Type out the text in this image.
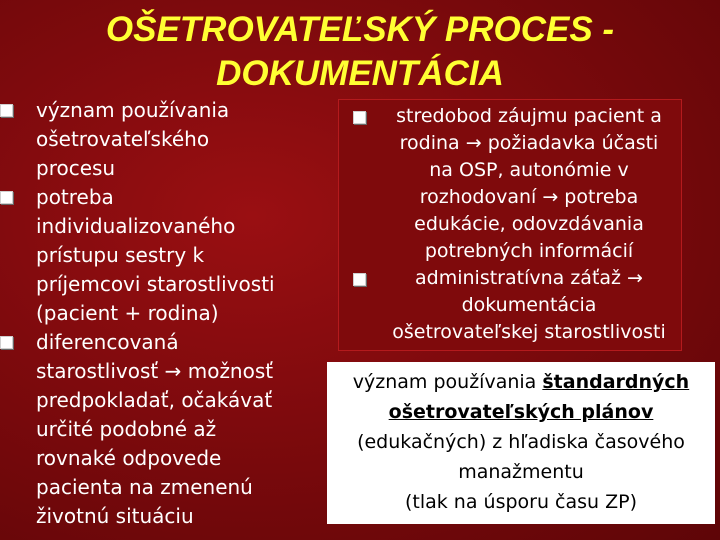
OŠETROVATEĽSKÝ PROCES -
DOKUMENTÁCIA
význam používania
ošetrovateľského
procesu
potreba
individualizovaného
prístupu sestry k
príjemcovi starostlivosti
(pacient + rodina)
diferencovaná
starostlivosť → možnosť
predpokladať, očakávať
určité podobné až
rovnaké odpovede
pacienta na zmenenú
životnú situáciu
stredobod záujmu pacient a
rodina → požiadavka účasti
na OSP, autonómie v
rozhodovaní → potreba
edukácie, odovzdávania
potrebných informácií
administratívna záťaž →
dokumentácia
ošetrovateľskej starostlivosti
význam používania štandardných
ošetrovateľských plánov
(edukačných) z hľadiska časového
manažmentu
(tlak na úsporu času ZP)
